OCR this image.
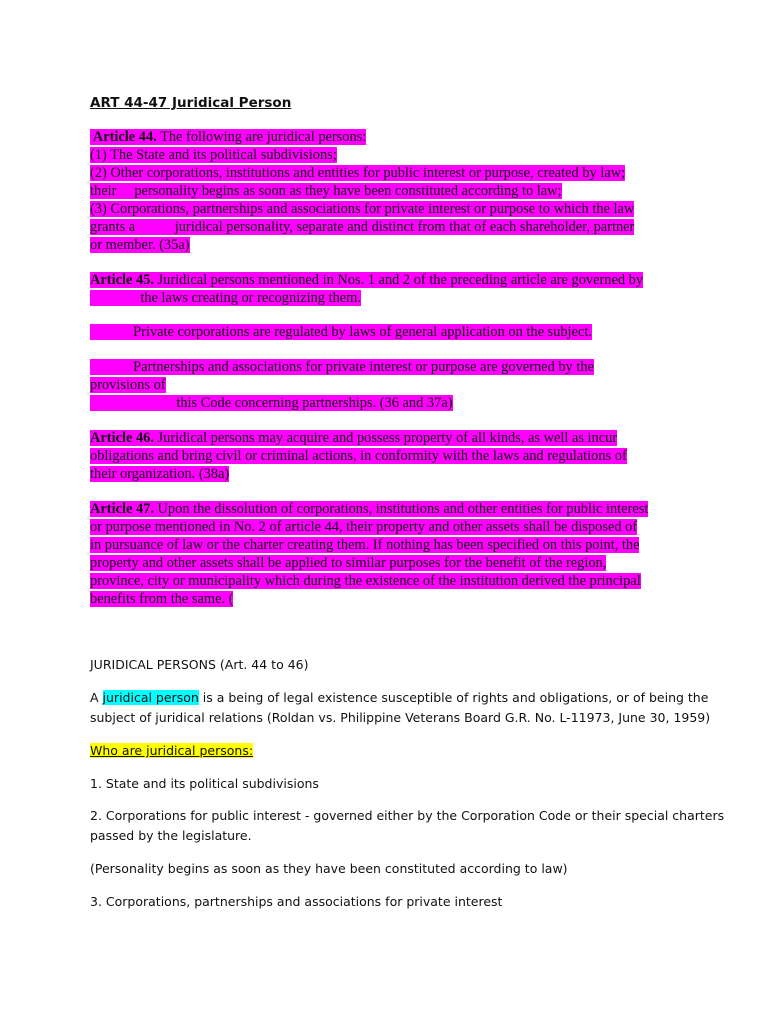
ART 44-47 Juridical Person
Article 44. The following are juridical persons:
(1) The State and its political subdivisions;
(2) Other corporations, institutions and entities for public interest or purpose, created by law;
their     personality begins as soon as they have been constituted according to law;
(3) Corporations, partnerships and associations for private interest or purpose to which the law
grants a           juridical personality, separate and distinct from that of each shareholder, partner
or member. (35a)
Article 45. Juridical persons mentioned in Nos. 1 and 2 of the preceding article are governed by
the laws creating or recognizing them.
Private corporations are regulated by laws of general application on the subject.
Partnerships and associations for private interest or purpose are governed by the
provisions of
this Code concerning partnerships. (36 and 37a)
Article 46. Juridical persons may acquire and possess property of all kinds, as well as incur
obligations and bring civil or criminal actions, in conformity with the laws and regulations of
their organization. (38a)
Article 47. Upon the dissolution of corporations, institutions and other entities for public interest
or purpose mentioned in No. 2 of article 44, their property and other assets shall be disposed of
in pursuance of law or the charter creating them. If nothing has been specified on this point, the
property and other assets shall be applied to similar purposes for the benefit of the region,
province, city or municipality which during the existence of the institution derived the principal
benefits from the same. (
JURIDICAL PERSONS (Art. 44 to 46)
A juridical person is a being of legal existence susceptible of rights and obligations, or of being the
subject of juridical relations (Roldan vs. Philippine Veterans Board G.R. No. L-11973, June 30, 1959)
Who are juridical persons:
1. State and its political subdivisions
2. Corporations for public interest - governed either by the Corporation Code or their special charters
passed by the legislature.
(Personality begins as soon as they have been constituted according to law)
3. Corporations, partnerships and associations for private interest
